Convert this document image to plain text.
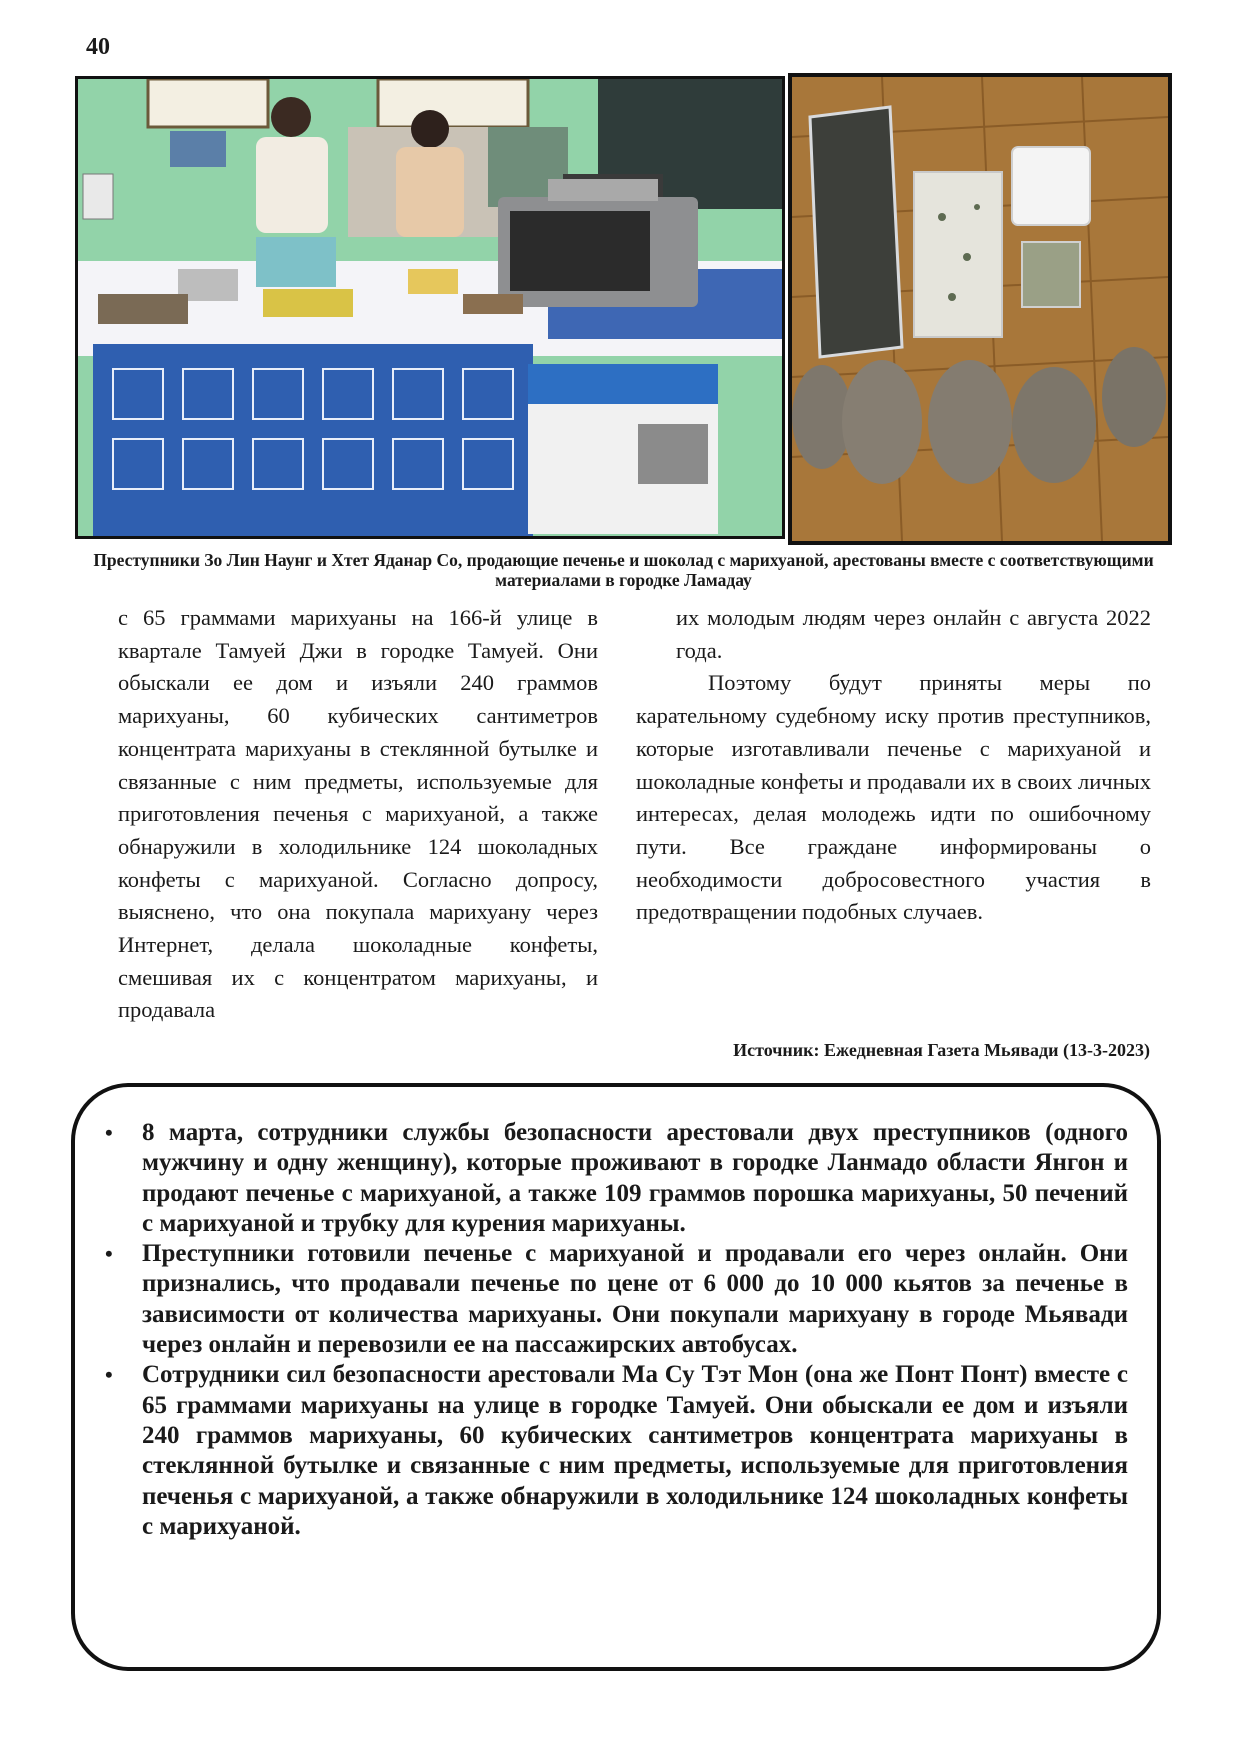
40
Преступники Зо Лин Наунг и Хтет Яданар Со, продающие печенье и шоколад с марихуаной, арестованы вместе с соответствующими материалами в городке Ламадау

с 65 граммами марихуаны на 166-й улице в квартале Тамуей Джи в городке Тамуей. Они обыскали ее дом и изъяли 240 граммов марихуаны, 60 кубических сантиметров концентрата марихуаны в стеклянной бутылке и связанные с ним предметы, используемые для приготовления печенья с марихуаной, а также обнаружили в холодильнике 124 шоколадных конфеты с марихуаной. Согласно допросу, выяснено, что она покупала марихуану через Интернет, делала шоколадные конфеты, смешивая их с концентратом марихуаны, и продавала

их молодым людям через онлайн с августа 2022 года.

Поэтому будут приняты меры по карательному судебному иску против преступников, которые изготавливали печенье с марихуаной и шоколадные конфеты и продавали их в своих личных интересах, делая молодежь идти по ошибочному пути. Все граждане информированы о необходимости добросовестного участия в предотвращении подобных случаев.

Источник: Ежедневная Газета Мьявади (13-3-2023)
• 8 марта, сотрудники службы безопасности арестовали двух преступников (одного мужчину и одну женщину), которые проживают в городке Ланмадо области Янгон и продают печенье с марихуаной, а также 109 граммов порошка марихуаны, 50 печений с марихуаной и трубку для курения марихуаны.
• Преступники готовили печенье с марихуаной и продавали его через онлайн. Они признались, что продавали печенье по цене от 6 000 до 10 000 кьятов за печенье в зависимости от количества марихуаны. Они покупали марихуану в городе Мьявади через онлайн и перевозили ее на пассажирских автобусах.
• Сотрудники сил безопасности арестовали Ма Су Тэт Мон (она же Понт Понт) вместе с 65 граммами марихуаны на улице в городке Тамуей. Они обыскали ее дом и изъяли 240 граммов марихуаны, 60 кубических сантиметров концентрата марихуаны в стеклянной бутылке и связанные с ним предметы, используемые для приготовления печенья с марихуаной, а также обнаружили в холодильнике 124 шоколадных конфеты с марихуаной.
